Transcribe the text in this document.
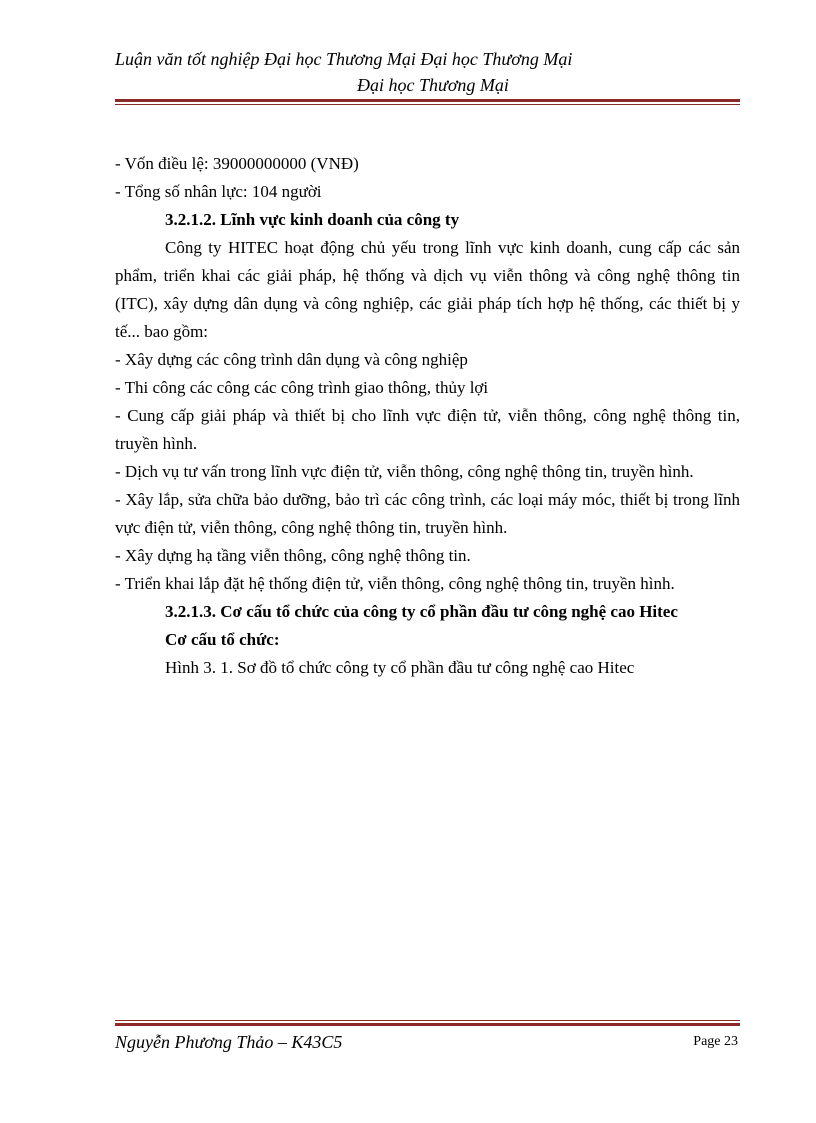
Luận văn tốt nghiệp Đại học Thương Mại Đại học Thương Mại
Đại học Thương Mại

- Vốn điều lệ: 39000000000 (VNĐ)

- Tổng số nhân lực: 104 người

3.2.1.2. Lĩnh vực kinh doanh của công ty

Công ty HITEC hoạt động chủ yếu trong lĩnh vực kinh doanh, cung cấp các sản phẩm, triển khai các giải pháp, hệ thống và dịch vụ viễn thông và công nghệ thông tin (ITC), xây dựng dân dụng và công nghiệp, các giải pháp tích hợp hệ thống, các thiết bị y tế... bao gồm:

- Xây dựng các công trình dân dụng và công nghiệp

- Thi công các công các công trình giao thông, thủy lợi

- Cung cấp giải pháp và thiết bị cho lĩnh vực điện tử, viễn thông, công nghệ thông tin, truyền hình.

- Dịch vụ tư vấn trong lĩnh vực điện tử, viễn thông, công nghệ thông tin, truyền hình.

- Xây lắp, sửa chữa bảo dưỡng, bảo trì các công trình, các loại máy móc, thiết bị trong lĩnh vực điện tử, viễn thông, công nghệ thông tin, truyền hình.

- Xây dựng hạ tầng viễn thông, công nghệ thông tin.

- Triển khai lắp đặt hệ thống điện tử, viễn thông, công nghệ thông tin, truyền hình.

3.2.1.3. Cơ cấu tổ chức của công ty cổ phần đầu tư công nghệ cao Hitec

Cơ cấu tổ chức:

Hình 3. 1. Sơ đồ tổ chức công ty cổ phần đầu tư công nghệ cao Hitec

Nguyễn Phương Thảo – K43C5	Page 23
